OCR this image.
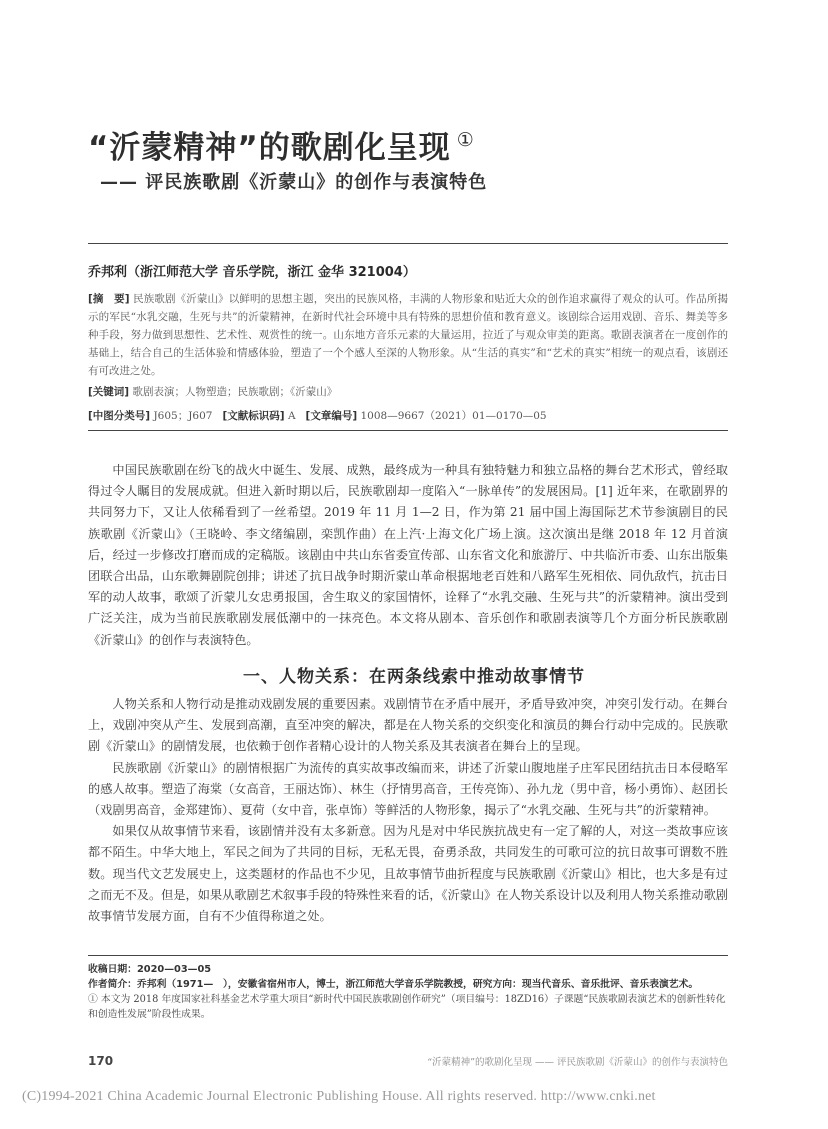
“沂蒙精神”的歌剧化呈现 ①
—— 评民族歌剧《沂蒙山》的创作与表演特色
乔邦利（浙江师范大学 音乐学院，浙江 金华 321004）
[摘　要] 民族歌剧《沂蒙山》以鲜明的思想主题，突出的民族风格，丰满的人物形象和贴近大众的创作追求赢得了观众的认可。作品所揭示的军民“水乳交融，生死与共”的沂蒙精神，在新时代社会环境中具有特殊的思想价值和教育意义。该剧综合运用戏剧、音乐、舞美等多种手段，努力做到思想性、艺术性、观赏性的统一。山东地方音乐元素的大量运用，拉近了与观众审美的距离。歌剧表演者在一度创作的基础上，结合自己的生活体验和情感体验，塑造了一个个感人至深的人物形象。从“生活的真实”和“艺术的真实”相统一的观点看，该剧还有可改进之处。
[关键词] 歌剧表演；人物塑造；民族歌剧；《沂蒙山》
[中图分类号] J605；J607 [文献标识码] A [文章编号] 1008—9667（2021）01—0170—05

中国民族歌剧在纷飞的战火中诞生、发展、成熟，最终成为一种具有独特魅力和独立品格的舞台艺术形式，曾经取得过令人瞩目的发展成就。但进入新时期以后，民族歌剧却一度陷入“一脉单传”的发展困局。[1] 近年来，在歌剧界的共同努力下，又让人依稀看到了一丝希望。2019 年 11 月 1—2 日，作为第 21 届中国上海国际艺术节参演剧目的民族歌剧《沂蒙山》（王晓岭、李文绪编剧，栾凯作曲）在上汽·上海文化广场上演。这次演出是继 2018 年 12 月首演后，经过一步修改打磨而成的定稿版。该剧由中共山东省委宣传部、山东省文化和旅游厅、中共临沂市委、山东出版集团联合出品，山东歌舞剧院创排；讲述了抗日战争时期沂蒙山革命根据地老百姓和八路军生死相依、同仇敌忾，抗击日军的动人故事，歌颂了沂蒙儿女忠勇报国，舍生取义的家国情怀，诠释了“水乳交融、生死与共”的沂蒙精神。演出受到广泛关注，成为当前民族歌剧发展低潮中的一抹亮色。本文将从剧本、音乐创作和歌剧表演等几个方面分析民族歌剧《沂蒙山》的创作与表演特色。

一、人物关系：在两条线索中推动故事情节

人物关系和人物行动是推动戏剧发展的重要因素。戏剧情节在矛盾中展开，矛盾导致冲突，冲突引发行动。在舞台上，戏剧冲突从产生、发展到高潮，直至冲突的解决，都是在人物关系的交织变化和演员的舞台行动中完成的。民族歌剧《沂蒙山》的剧情发展，也依赖于创作者精心设计的人物关系及其表演者在舞台上的呈现。

民族歌剧《沂蒙山》的剧情根据广为流传的真实故事改编而来，讲述了沂蒙山腹地崖子庄军民团结抗击日本侵略军的感人故事。塑造了海棠（女高音，王丽达饰）、林生（抒情男高音，王传亮饰）、孙九龙（男中音，杨小勇饰）、赵团长（戏剧男高音，金郑建饰）、夏荷（女中音，张卓饰）等鲜活的人物形象，揭示了“水乳交融、生死与共”的沂蒙精神。

如果仅从故事情节来看，该剧情并没有太多新意。因为凡是对中华民族抗战史有一定了解的人，对这一类故事应该都不陌生。中华大地上，军民之间为了共同的目标，无私无畏，奋勇杀敌，共同发生的可歌可泣的抗日故事可谓数不胜数。现当代文艺发展史上，这类题材的作品也不少见，且故事情节曲折程度与民族歌剧《沂蒙山》相比，也大多是有过之而无不及。但是，如果从歌剧艺术叙事手段的特殊性来看的话，《沂蒙山》在人物关系设计以及利用人物关系推动歌剧故事情节发展方面，自有不少值得称道之处。

收稿日期：2020—03—05
作者简介：乔邦利（1971—　），安徽省宿州市人，博士，浙江师范大学音乐学院教授，研究方向：现当代音乐、音乐批评、音乐表演艺术。
① 本文为 2018 年度国家社科基金艺术学重大项目“新时代中国民族歌剧创作研究”（项目编号：18ZD16）子课题“民族歌剧表演艺术的创新性转化和创造性发展”阶段性成果。
170	“沂蒙精神”的歌剧化呈现 —— 评民族歌剧《沂蒙山》的创作与表演特色
(C)1994-2021 China Academic Journal Electronic Publishing House. All rights reserved. http://www.cnki.net
